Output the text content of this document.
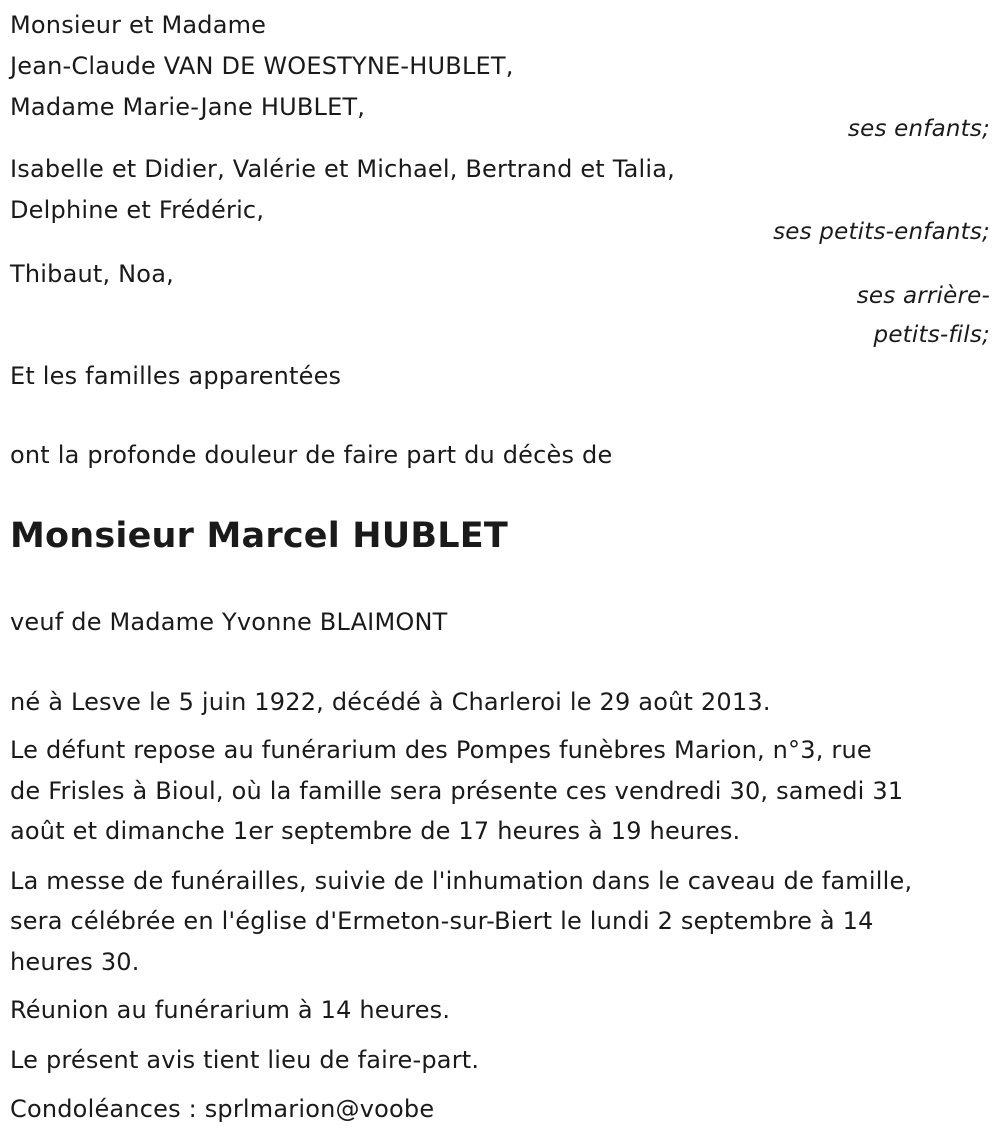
Monsieur et Madame
Jean-Claude VAN DE WOESTYNE-HUBLET,
Madame Marie-Jane HUBLET,
ses enfants;
Isabelle et Didier, Valérie et Michael, Bertrand et Talia,
Delphine et Frédéric,
ses petits-enfants;
Thibaut, Noa,
ses arrière-
petits-fils;
Et les familles apparentées
ont la profonde douleur de faire part du décès de
Monsieur Marcel HUBLET
veuf de Madame Yvonne BLAIMONT
né à Lesve le 5 juin 1922, décédé à Charleroi le 29 août 2013.
Le défunt repose au funérarium des Pompes funèbres Marion, n°3, rue
de Frisles à Bioul, où la famille sera présente ces vendredi 30, samedi 31
août et dimanche 1er septembre de 17 heures à 19 heures.
La messe de funérailles, suivie de l'inhumation dans le caveau de famille,
sera célébrée en l'église d'Ermeton-sur-Biert le lundi 2 septembre à 14
heures 30.
Réunion au funérarium à 14 heures.
Le présent avis tient lieu de faire-part.
Condoléances : sprlmarion@voobe
